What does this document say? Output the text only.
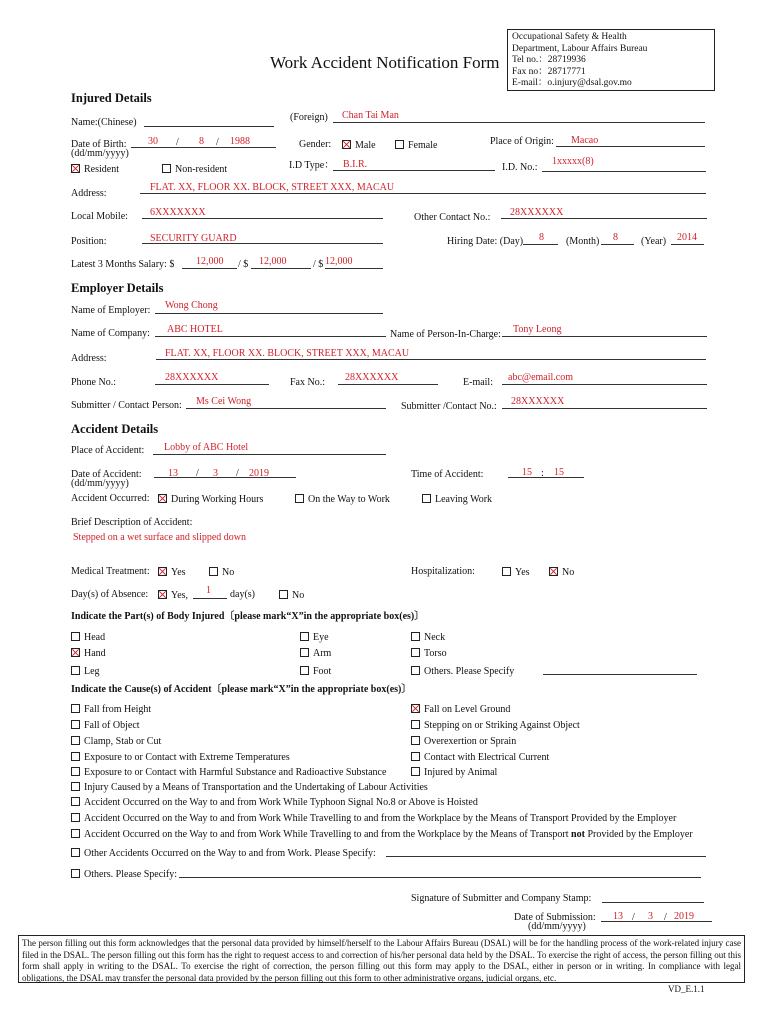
Work Accident Notification Form
Occupational Safety & Health
Department, Labour Affairs Bureau
Tel no.：28719936
Fax no：28717771
E-mail：o.injury@dsal.gov.mo
Injured Details
Name:(Chinese)	(Foreign) Chan Tai Man
Date of Birth:
(dd/mm/yyyy)
30 / 8 / 1988	Gender:	Male	Female	Place of Origin: Macao
Resident	Non-resident	I.D Type： B.I.R.	I.D. No.:
1xxxxx(8)
Address:
FLAT. XX, FLOOR XX. BLOCK, STREET XXX, MACAU
Local Mobile: 6XXXXXXX	Other Contact No.: 28XXXXXX
Position:	SECURITY GUARD	Hiring Date: (Day) 8 (Month) 8 (Year) 2014
Latest 3 Months Salary: $ 12,000 / $ 12,000	/ $ 12,000
Employer Details
Name of Employer: Wong Chong
Name of Company: ABC HOTEL	Name of Person-In-Charge: Tony Leong
Address:	FLAT. XX, FLOOR XX. BLOCK, STREET XXX, MACAU
Phone No.:	28XXXXXX	Fax No.: 28XXXXXX	E-mail: abc@email.com
Submitter / Contact Person: Ms Cei Wong	Submitter /Contact No.: 28XXXXXX
Accident Details
Place of Accident: Lobby of ABC Hotel
Date of Accident:
(dd/mm/yyyy)
13 / 3 / 2019	Time of Accident:	15 : 15
Accident Occurred:	During Working Hours	On the Way to Work	Leaving Work
Brief Description of Accident:
Stepped on a wet surface and slipped down
Medical Treatment:	Yes	No	Hospitalization:	Yes	No
Day(s) of Absence:	Yes, 1 day(s)	No
Indicate the Part(s) of Body Injured〔please mark“X”in the appropriate box(es)〕
Head	Eye	Neck
Hand	Arm	Torso
Leg	Foot	Others. Please Specify
Indicate the Cause(s) of Accident〔please mark“X”in the appropriate box(es)〕
Fall from Height	Fall on Level Ground
Fall of Object	Stepping on or Striking Against Object
Clamp, Stab or Cut	Overexertion or Sprain
Exposure to or Contact with Extreme Temperatures	Contact with Electrical Current
Exposure to or Contact with Harmful Substance and Radioactive Substance	Injured by Animal
Injury Caused by a Means of Transportation and the Undertaking of Labour Activities
Accident Occurred on the Way to and from Work While Typhoon Signal No.8 or Above is Hoisted
Accident Occurred on the Way to and from Work While Travelling to and from the Workplace by the Means of Transport Provided by the Employer
Accident Occurred on the Way to and from Work While Travelling to and from the Workplace by the Means of Transport not Provided by the Employer
Other Accidents Occurred on the Way to and from Work. Please Specify:
Others. Please Specify:
Signature of Submitter and Company Stamp:
Date of Submission: 13 / 3 / 2019
(dd/mm/yyyy)
The person filling out this form acknowledges that the personal data provided by himself/herself to the Labour Affairs Bureau (DSAL) will be for the handling process of the work-related injury case filed in the DSAL. The person filling out this form has the right to request access to and correction of his/her personal data held by the DSAL. To exercise the right of access, the person filling out this form shall apply in writing to the DSAL. To exercise the right of correction, the person filling out this form may apply to the DSAL, either in person or in writing. In compliance with legal obligations, the DSAL may transfer the personal data provided by the person filling out this form to other administrative organs, judicial organs, etc.
VD_E.1.1
